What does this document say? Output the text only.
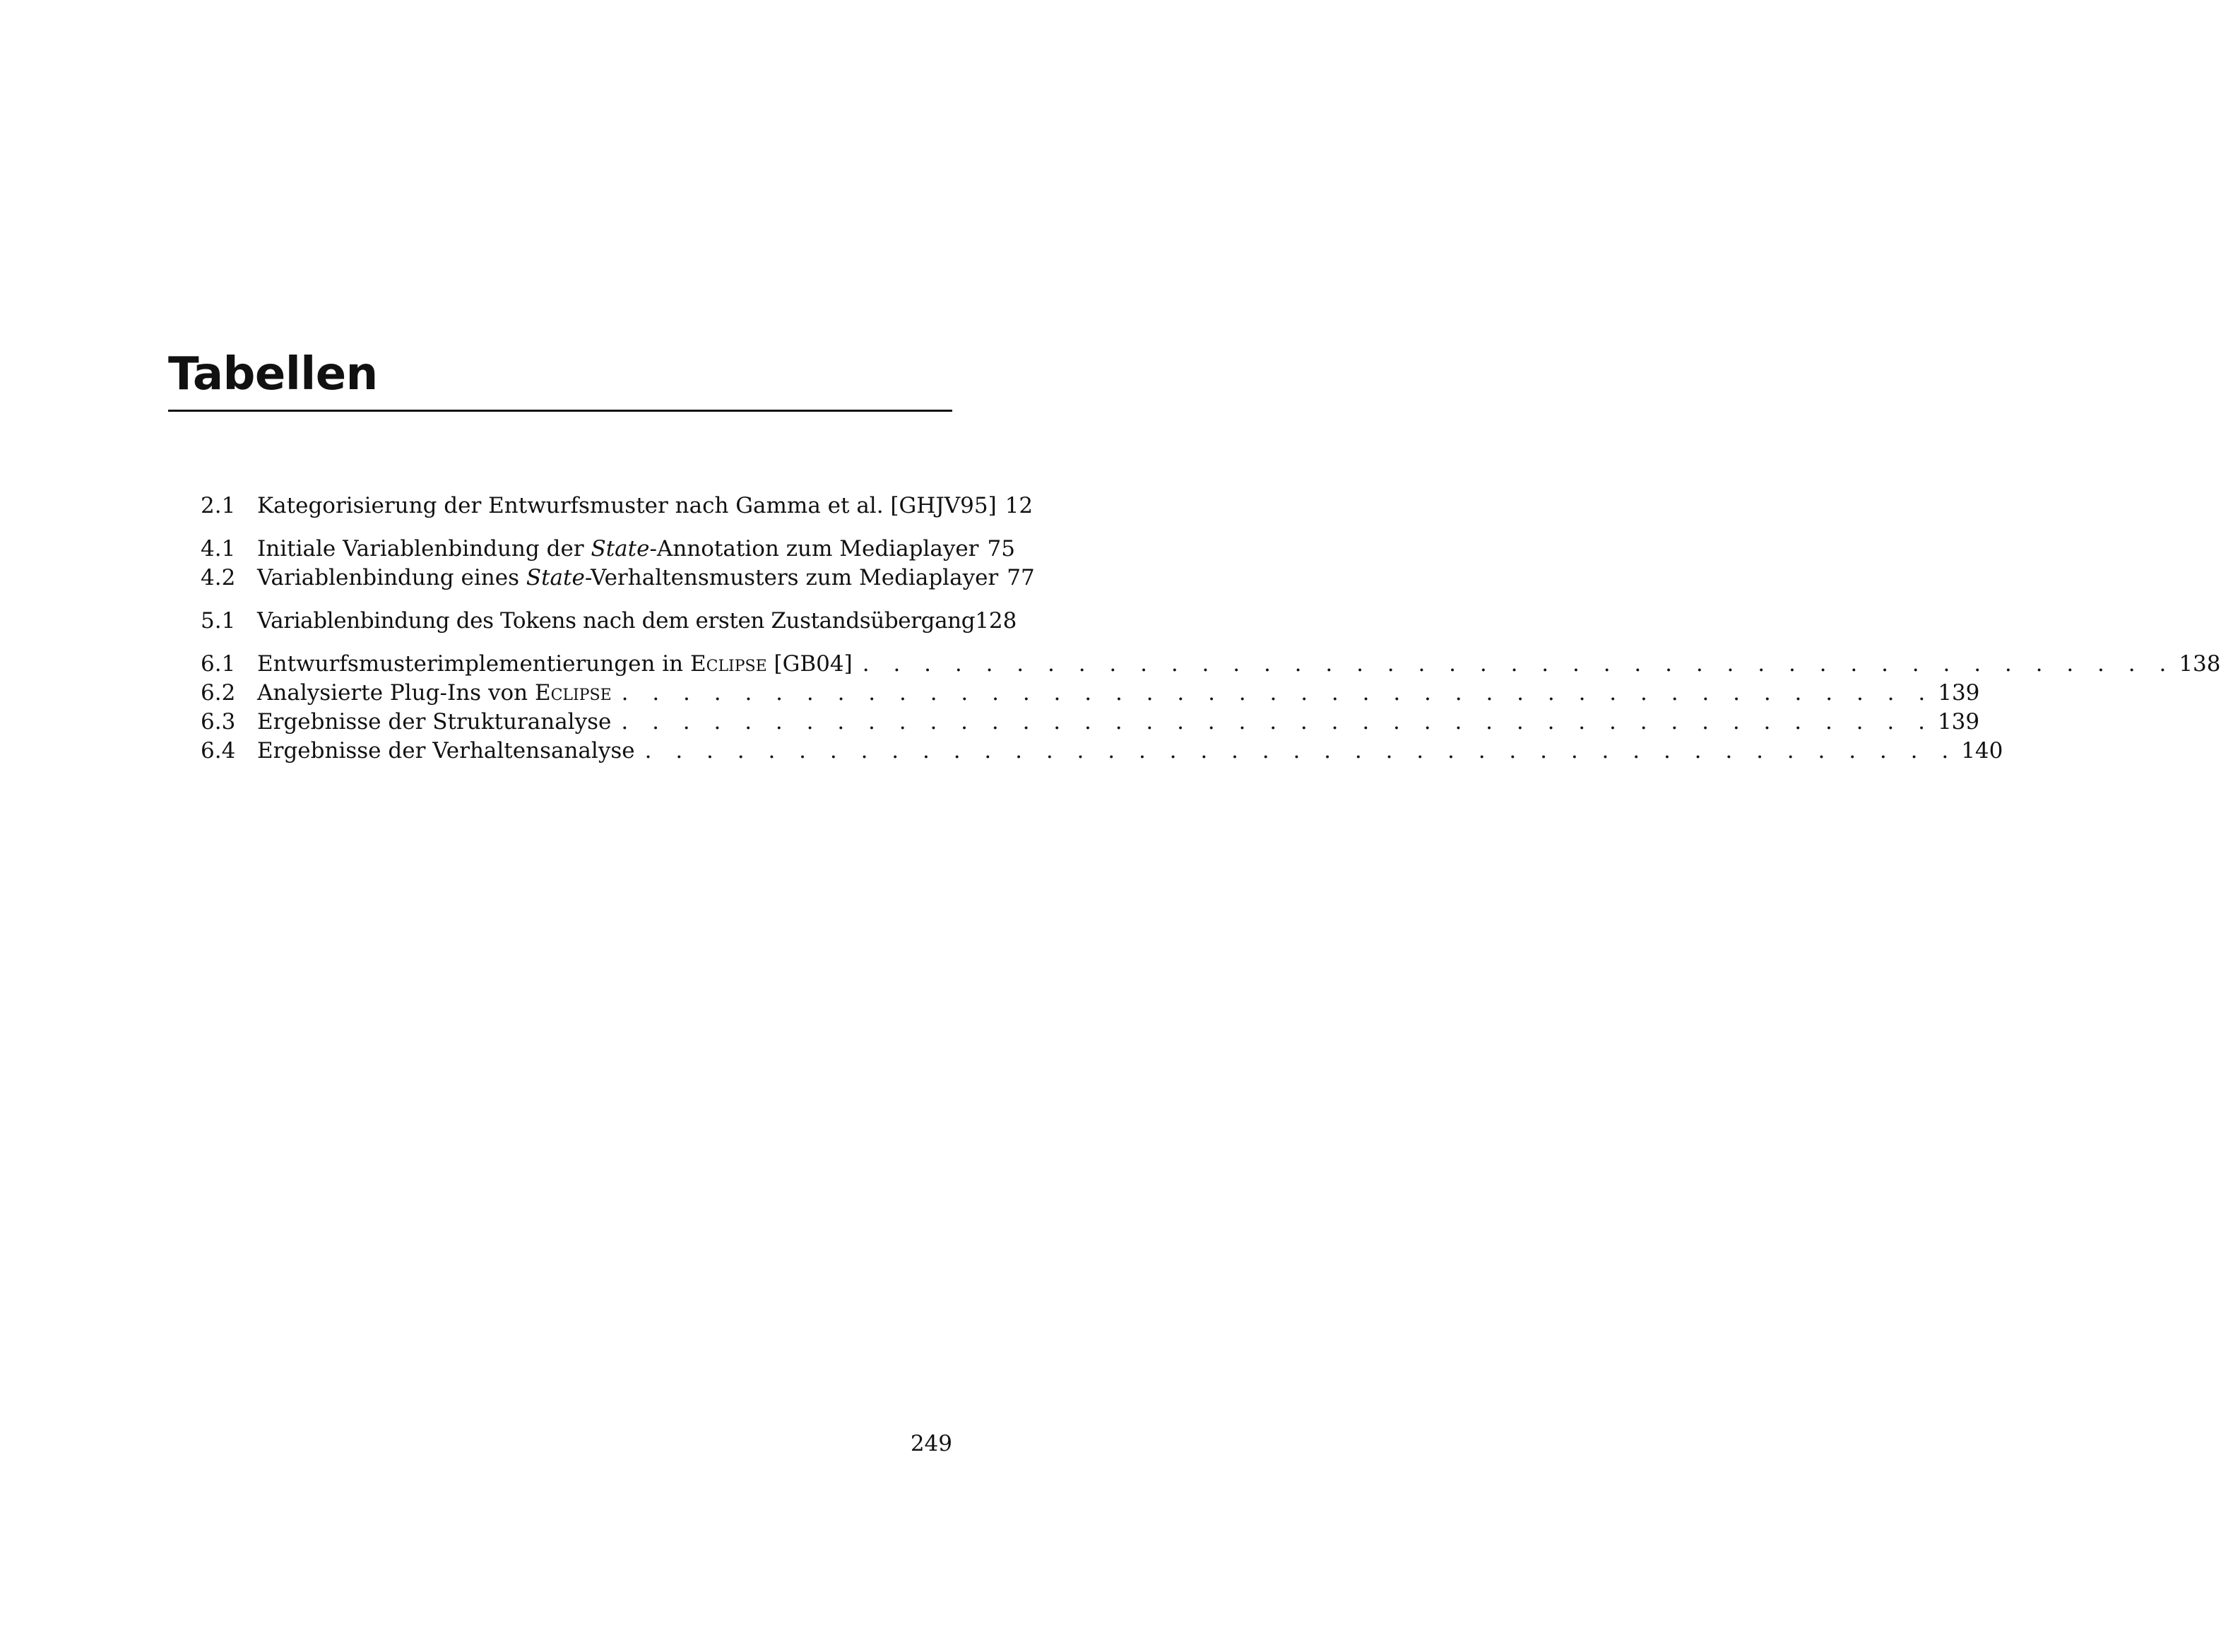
Tabellen
2.1 Kategorisierung der Entwurfsmuster nach Gamma et al. [GHJV95] 12
4.1 Initiale Variablenbindung der State-Annotation zum Mediaplayer 75
4.2 Variablenbindung eines State-Verhaltensmusters zum Mediaplayer 77
5.1 Variablenbindung des Tokens nach dem ersten Zustandsübergang 128
6.1 Entwurfsmusterimplementierungen in Eclipse [GB04] . . . . . . . . . . . . . . . . . . . . . . . . . . . . . . . . . . . . . . . . . . . 138
6.2 Analysierte Plug-Ins von Eclipse . . . . . . . . . . . . . . . . . . . . . . . . . . . . . . . . . . . . . . . . . . . 139
6.3 Ergebnisse der Strukturanalyse . . . . . . . . . . . . . . . . . . . . . . . . . . . . . . . . . . . . . . . . . . . 139
6.4 Ergebnisse der Verhaltensanalyse . . . . . . . . . . . . . . . . . . . . . . . . . . . . . . . . . . . . . . . . . . . 140
249
